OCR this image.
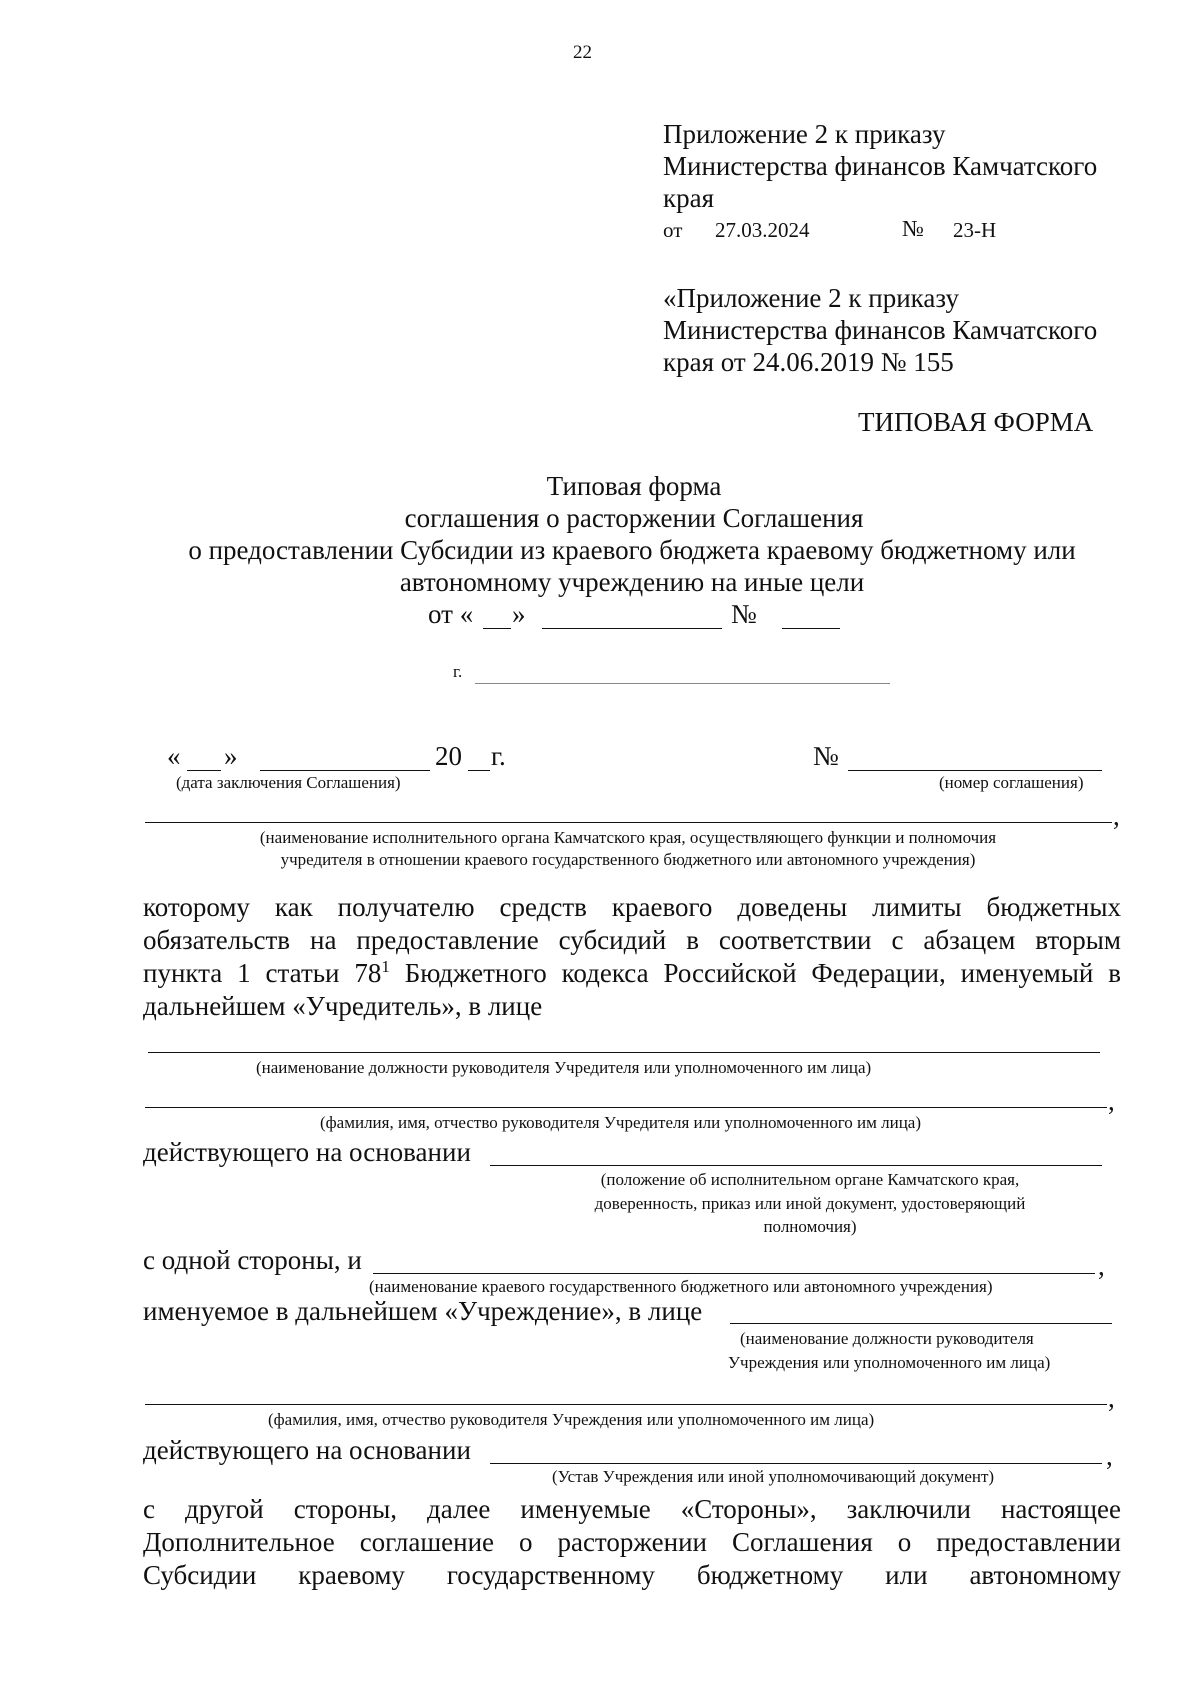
22
Приложение 2 к приказу
Министерства финансов Камчатского
края
от 27.03.2024	№ 23-Н
«Приложение 2 к приказу
Министерства финансов Камчатского
края от 24.06.2019 № 155
ТИПОВАЯ ФОРМА
Типовая форма
соглашения о расторжении Соглашения
о предоставлении Субсидии из краевого бюджета краевому бюджетному или
автономному учреждению на иные цели
от « »	№
г.
« »	20 г.
(дата заключения Соглашения)
№
(номер соглашения)
,
(наименование исполнительного органа Камчатского края, осуществляющего функции и полномочия
учредителя в отношении краевого государственного бюджетного или автономного учреждения)
которому как получателю средств краевого доведены лимиты бюджетных
обязательств на предоставление субсидий в соответствии с абзацем вторым
пункта 1 статьи $78^1$ Бюджетного кодекса Российской Федерации, именуемый в
дальнейшем «Учредитель», в лице
(наименование должности руководителя Учредителя или уполномоченного им лица)
,
(фамилия, имя, отчество руководителя Учредителя или уполномоченного им лица)
действующего на основании
(положение об исполнительном органе Камчатского края,
доверенность, приказ или иной документ, удостоверяющий
полномочия)
с одной стороны, и	,
(наименование краевого государственного бюджетного или автономного учреждения)
именуемое в дальнейшем «Учреждение», в лице
(наименование должности руководителя
Учреждения или уполномоченного им лица)
,
(фамилия, имя, отчество руководителя Учреждения или уполномоченного им лица)
действующего на основании	,
(Устав Учреждения или иной уполномочивающий документ)
с другой стороны, далее именуемые «Стороны», заключили настоящее
Дополнительное соглашение о расторжении Соглашения о предоставлении
Субсидии краевому государственному бюджетному или автономному
